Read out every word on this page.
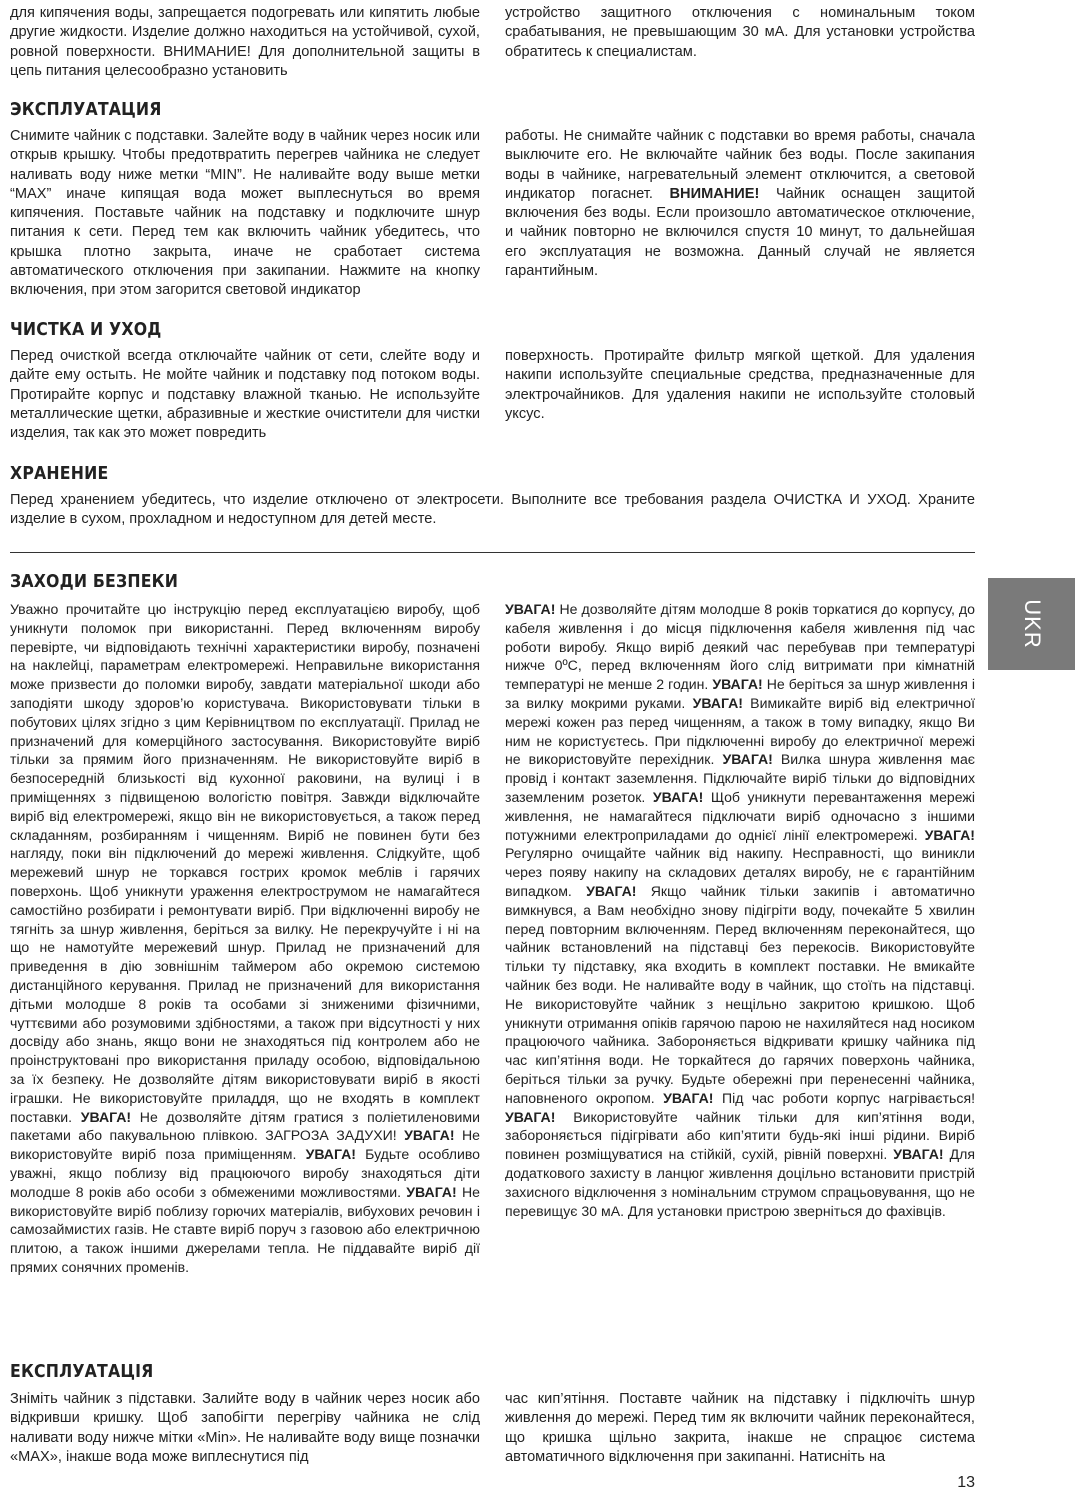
для кипячения воды, запрещается подогревать или кипятить любые другие жидкости. Изделие должно находиться на устойчивой, сухой, ровной поверхности. ВНИМАНИЕ! Для дополнительной защиты в цепь питания целесообразно установить
устройство защитного отключения с номинальным током срабатывания, не превышающим 30 мА. Для установки устройства обратитесь к специалистам.
ЭКСПЛУАТАЦИЯ
Снимите чайник с подставки. Залейте воду в чайник через носик или открыв крышку. Чтобы предотвратить перегрев чайника не следует наливать воду ниже метки “MIN”. Не наливайте воду выше метки “MAX” иначе кипящая вода может выплеснуться во время кипячения. Поставьте чайник на подставку и подключите шнур питания к сети. Перед тем как включить чайник убедитесь, что крышка плотно закрыта, иначе не сработает система автоматического отключения при закипании. Нажмите на кнопку включения, при этом загорится световой индикатор
работы. Не снимайте чайник с подставки во время работы, сначала выключите его. Не включайте чайник без воды. После закипания воды в чайнике, нагревательный элемент отключится, а световой индикатор погаснет. ВНИМАНИЕ! Чайник оснащен защитой включения без воды. Если произошло автоматическое отключение, и чайник повторно не включился спустя 10 минут, то дальнейшая его эксплуатация не возможна. Данный случай не является гарантийным.
ЧИСТКА И УХОД
Перед очисткой всегда отключайте чайник от сети, слейте воду и дайте ему остыть. Не мойте чайник и подставку под потоком воды. Протирайте корпус и подставку влажной тканью. Не используйте металлические щетки, абразивные и жесткие очистители для чистки изделия, так как это может повредить
поверхность. Протирайте фильтр мягкой щеткой. Для удаления накипи используйте специальные средства, предназначенные для электрочайников. Для удаления накипи не используйте столовый уксус.
ХРАНЕНИЕ
Перед хранением убедитесь, что изделие отключено от электросети. Выполните все требования раздела ОЧИСТКА И УХОД. Храните изделие в сухом, прохладном и недоступном для детей месте.
ЗАХОДИ БЕЗПЕКИ
Уважно прочитайте цю інструкцію перед експлуатацією виробу, щоб уникнути поломок при використанні. Перед включенням виробу перевірте, чи відповідають технічні характеристики виробу, позначені на наклейці, параметрам електромережі. Неправильне використання може призвести до поломки виробу, завдати матеріальної шкоди або заподіяти шкоду здоров’ю користувача. Використовувати тільки в побутових цілях згідно з цим Керівництвом по експлуатації. Прилад не призначений для комерційного застосування. Використовуйте виріб тільки за прямим його призначенням. Не використовуйте виріб в безпосередній близькості від кухонної раковини, на вулиці і в приміщеннях з підвищеною вологістю повітря. Завжди відключайте виріб від електромережі, якщо він не використовується, а також перед складанням, розбиранням і чищенням. Виріб не повинен бути без нагляду, поки він підключений до мережі живлення. Слідкуйте, щоб мережевий шнур не торкався гострих кромок меблів і гарячих поверхонь. Щоб уникнути ураження електрострумом не намагайтеся самостійно розбирати і ремонтувати виріб. При відключенні виробу не тягніть за шнур живлення, беріться за вилку. Не перекручуйте і ні на що не намотуйте мережевий шнур. Прилад не призначений для приведення в дію зовнішнім таймером або окремою системою дистанційного керування. Прилад не призначений для використання дітьми молодше 8 років та особами зі зниженими фізичними, чуттєвими або розумовими здібностями, а також при відсутності у них досвіду або знань, якщо вони не знаходяться під контролем або не проінструктовані про використання приладу особою, відповідальною за їх безпеку. Не дозволяйте дітям використовувати виріб в якості іграшки. Не використовуйте приладдя, що не входять в комплект поставки. УВАГА! Не дозволяйте дітям гратися з поліетиленовими пакетами або пакувальною плівкою. ЗАГРОЗА ЗАДУХИ! УВАГА! Не використовуйте виріб поза приміщенням. УВАГА! Будьте особливо уважні, якщо поблизу від працюючого виробу знаходяться діти молодше 8 років або особи з обмеженими можливостями. УВАГА! Не використовуйте виріб поблизу горючих матеріалів, вибухових речовин і самозаймистих газів. Не ставте виріб поруч з газовою або електричною плитою, а також іншими джерелами тепла. Не піддавайте виріб дії прямих сонячних променів.
УВАГА! Не дозволяйте дітям молодше 8 років торкатися до корпусу, до кабеля живлення і до місця підключення кабеля живлення під час роботи виробу. Якщо виріб деякий час перебував при температурі нижче 0ºC, перед включенням його слід витримати при кімнатній температурі не менше 2 годин. УВАГА! Не беріться за шнур живлення і за вилку мокрими руками. УВАГА! Вимикайте виріб від електричної мережі кожен раз перед чищенням, а також в тому випадку, якщо Ви ним не користуєтесь. При підключенні виробу до електричної мережі не використовуйте перехідник. УВАГА! Вилка шнура живлення має провід і контакт заземлення. Підключайте виріб тільки до відповідних заземленим розеток. УВАГА! Щоб уникнути перевантаження мережі живлення, не намагайтеся підключати виріб одночасно з іншими потужними електроприладами до однієї лінії електромережі. УВАГА! Регулярно очищайте чайник від накипу. Несправності, що виникли через появу накипу на складових деталях виробу, не є гарантійним випадком. УВАГА! Якщо чайник тільки закипів і автоматично вимкнувся, а Вам необхідно знову підігріти воду, почекайте 5 хвилин перед повторним включенням. Перед включенням переконайтеся, що чайник встановлений на підставці без перекосів. Використовуйте тільки ту підставку, яка входить в комплект поставки. Не вмикайте чайник без води. Не наливайте воду в чайник, що стоїть на підставці. Не використовуйте чайник з нещільно закритою кришкою. Щоб уникнути отримання опіків гарячою парою не нахиляйтеся над носиком працюючого чайника. Забороняється відкривати кришку чайника під час кип’ятіння води. Не торкайтеся до гарячих поверхонь чайника, беріться тільки за ручку. Будьте обережні при перенесенні чайника, наповненого окропом. УВАГА! Під час роботи корпус нагрівається! УВАГА! Використовуйте чайник тільки для кип’ятіння води, забороняється підігрівати або кип’ятити будь-які інші рідини. Виріб повинен розміщуватися на стійкій, сухій, рівній поверхні. УВАГА! Для додаткового захисту в ланцюг живлення доцільно встановити пристрій захисного відключення з номінальним струмом спрацьовування, що не перевищує 30 мА. Для установки пристрою зверніться до фахівців.
ЕКСПЛУАТАЦІЯ
Зніміть чайник з підставки. Залийте воду в чайник через носик або відкривши кришку. Щоб запобігти перегріву чайника не слід наливати воду нижче мітки «Min». Не наливайте воду вище позначки «MAX», інакше вода може виплеснутися під
час кип’ятіння. Поставте чайник на підставку і підключіть шнур живлення до мережі. Перед тим як включити чайник переконайтеся, що кришка щільно закрита, інакше не спрацює система автоматичного відключення при закипанні. Натисніть на
UKR
13
